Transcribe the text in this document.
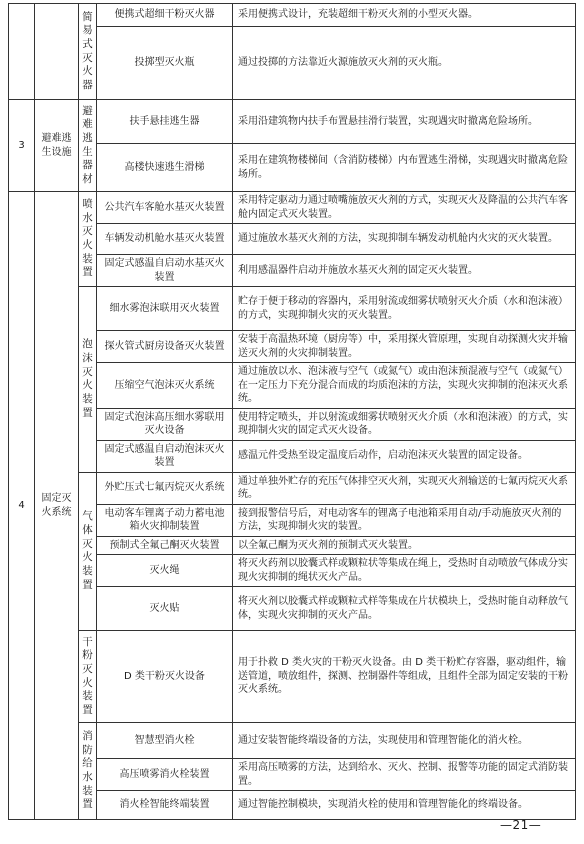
		简易式灭火器	便携式超细干粉灭火器	采用便携式设计，充装超细干粉灭火剂的小型灭火器。
			投掷型灭火瓶	通过投掷的方法靠近火源施放灭火剂的灭火瓶。
3	避难逃生设施	避难逃生器材	扶手悬挂逃生器	采用沿建筑物内扶手布置悬挂滑行装置，实现遇灾时撤离危险场所。
			高楼快速逃生滑梯	采用在建筑物楼梯间（含消防楼梯）内布置逃生滑梯，实现遇灾时撤离危险场所。
4	固定灭火系统	喷水灭火装置	公共汽车客舱水基灭火装置	采用特定驱动力通过喷嘴施放灭火剂的方式，实现灭火及降温的公共汽车客舱内固定式灭火装置。
			车辆发动机舱水基灭火装置	通过施放水基灭火剂的方法，实现抑制车辆发动机舱内火灾的灭火装置。
			固定式感温自启动水基灭火装置	利用感温器件启动并施放水基灭火剂的固定灭火装置。
		泡沫灭火装置	细水雾泡沫联用灭火装置	贮存于便于移动的容器内，采用射流或细雾状喷射灭火介质（水和泡沫液）的方式，实现抑制火灾的灭火装置。
			探火管式厨房设备灭火装置	安装于高温热环境（厨房等）中，采用探火管原理，实现自动探测火灾并输送灭火剂的火灾抑制装置。
			压缩空气泡沫灭火系统	通过施放以水、泡沫液与空气（或氮气）或由泡沫预混液与空气（或氮气）在一定压力下充分混合而成的均质泡沫的方法，实现火灾抑制的泡沫灭火系统。
			固定式泡沫高压细水雾联用灭火设备	使用特定喷头，并以射流或细雾状喷射灭火介质（水和泡沫液）的方式，实现抑制火灾的固定式灭火设备。
			固定式感温自启动泡沫灭火装置	感温元件受热至设定温度后动作，启动泡沫灭火装置的固定设备。
		气体灭火装置	外贮压式七氟丙烷灭火系统	通过单独外贮存的充压气体排空灭火剂，实现灭火剂输送的七氟丙烷灭火系统。
			电动客车锂离子动力蓄电池箱火灾抑制装置	接到报警信号后，对电动客车的锂离子电池箱采用自动/手动施放灭火剂的方法，实现抑制火灾的装置。
			预制式全氟己酮灭火装置	以全氟己酮为灭火剂的预制式灭火装置。
			灭火绳	将灭火药剂以胶囊式样或颗粒状等集成在绳上，受热时自动喷放气体成分实现火灾抑制的绳状灭火产品。
			灭火贴	将灭火剂以胶囊式样或颗粒式样等集成在片状模块上，受热时能自动释放气体，实现火灾抑制的灭火产品。
		干粉灭火装置	D 类干粉灭火设备	用于扑救 D 类火灾的干粉灭火设备。由 D 类干粉贮存容器，驱动组件，输送管道，喷放组件，探测、控制器件等组成，且组件全部为固定安装的干粉灭火系统。
		消防给水装置	智慧型消火栓	通过安装智能终端设备的方法，实现使用和管理智能化的消火栓。
			高压喷雾消火栓装置	采用高压喷雾的方法，达到给水、灭火、控制、报警等功能的固定式消防装置。
			消火栓智能终端装置	通过智能控制模块，实现消火栓的使用和管理智能化的终端设备。
—21—
